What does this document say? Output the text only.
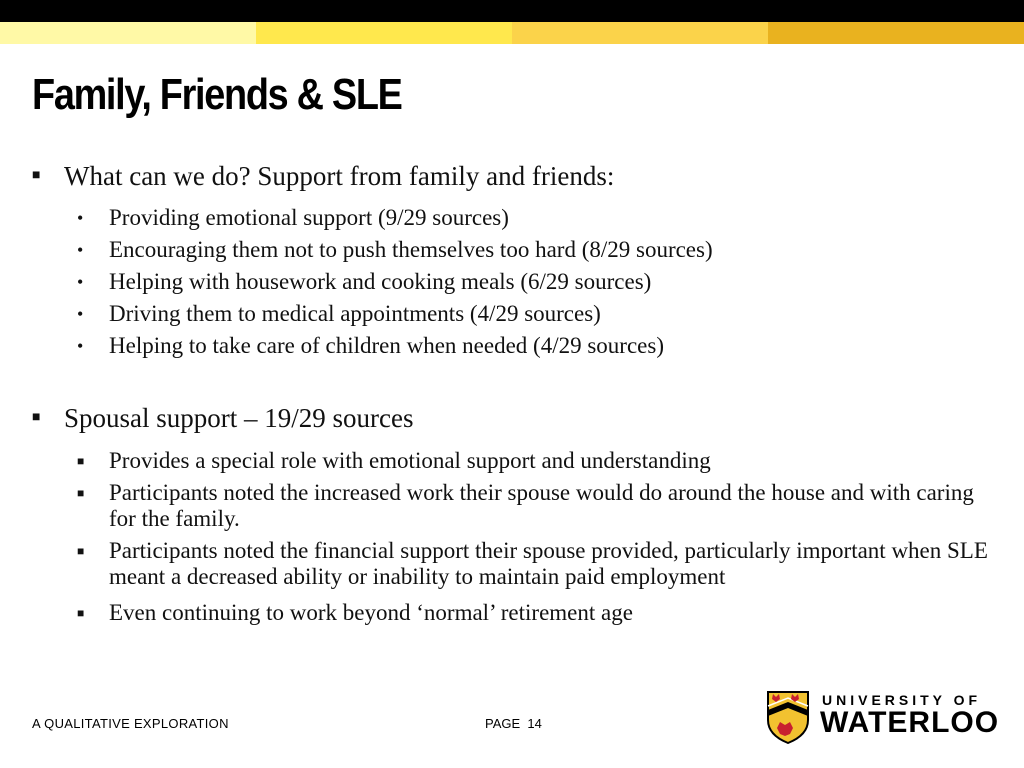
Family, Friends & SLE
■ What can we do? Support from family and friends:
• Providing emotional support (9/29 sources)
• Encouraging them not to push themselves too hard (8/29 sources)
• Helping with housework and cooking meals (6/29 sources)
• Driving them to medical appointments (4/29 sources)
• Helping to take care of children when needed (4/29 sources)
■ Spousal support – 19/29 sources
■ Provides a special role with emotional support and understanding
■ Participants noted the increased work their spouse would do around the house and with caring for the family.
■ Participants noted the financial support their spouse provided, particularly important when SLE meant a decreased ability or inability to maintain paid employment
■ Even continuing to work beyond ‘normal’ retirement age
A QUALITATIVE EXPLORATION	PAGE 14
UNIVERSITY OF
WATERLOO
